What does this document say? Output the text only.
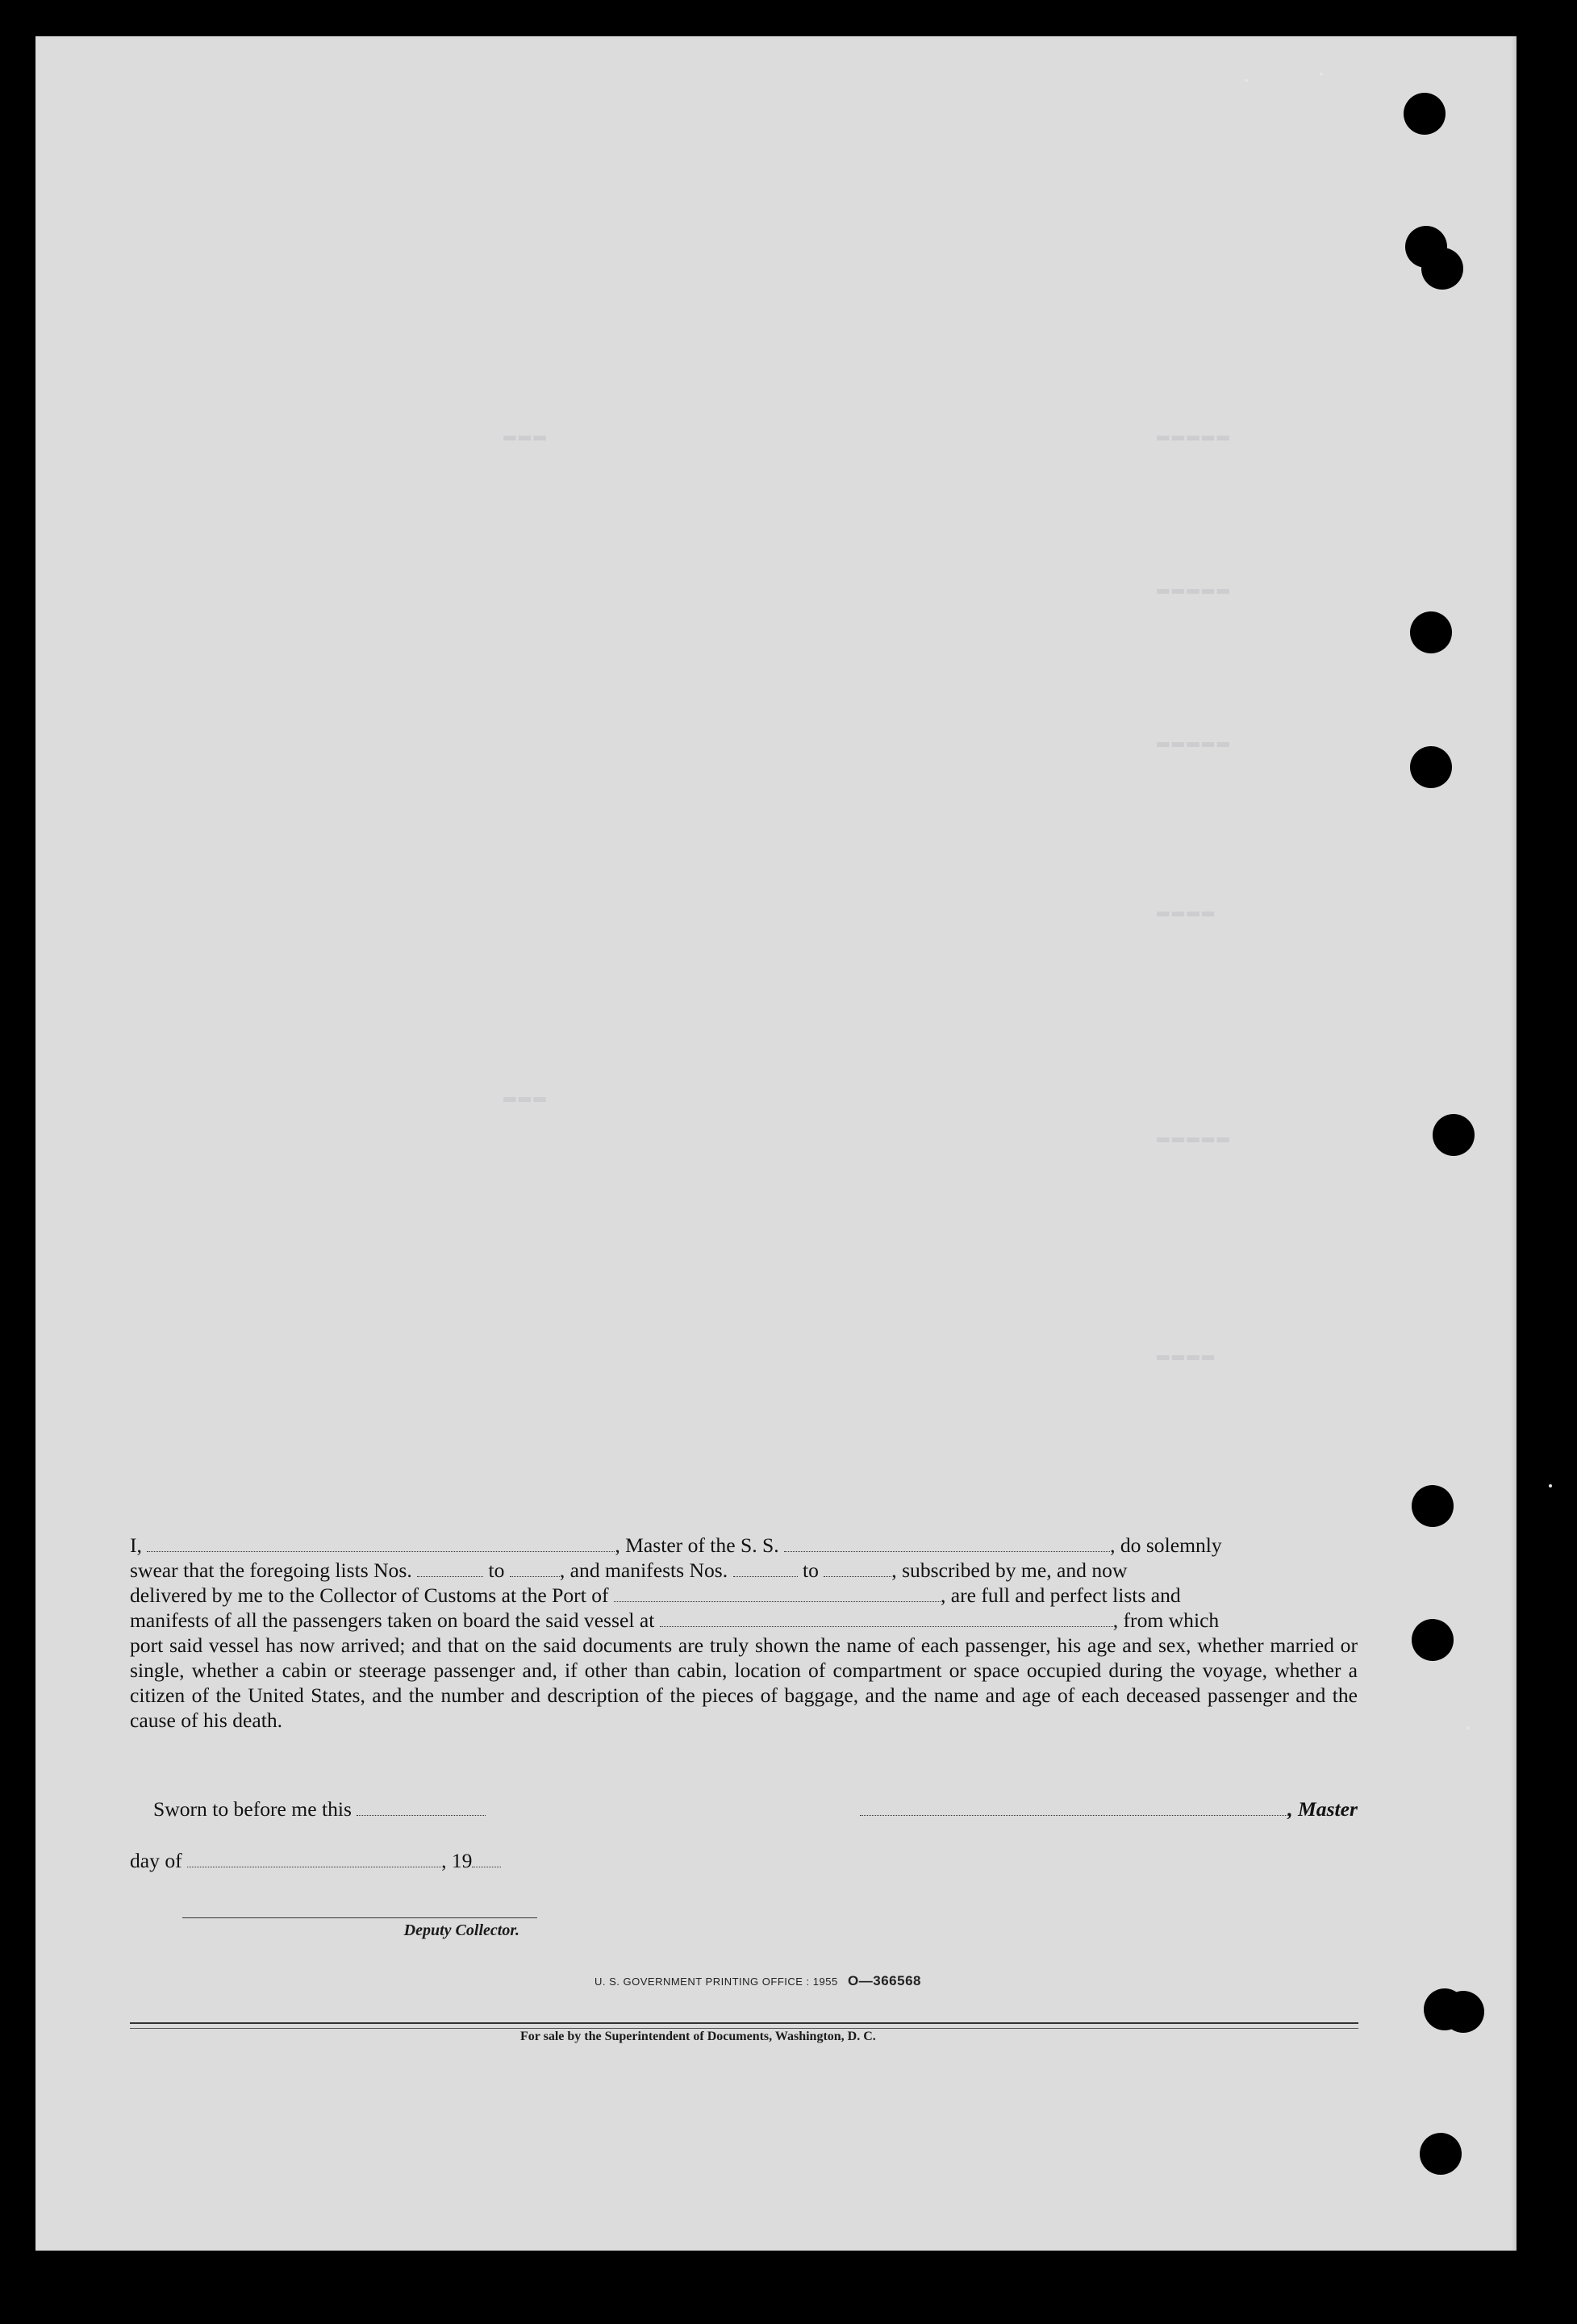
▬▬▬▬▬
▬▬▬▬▬
▬▬▬▬▬
▬▬▬▬
▬▬▬▬▬
▬▬▬▬
▬▬▬
▬▬▬

I,	, Master of the S. S.	, do solemnly

swear that the foregoing lists Nos.	to	, and manifests Nos.	to	, subscribed by me, and now

delivered by me to the Collector of Customs at the Port of	, are full and perfect lists and

manifests of all the passengers taken on board the said vessel at	, from which

port said vessel has now arrived; and that on the said documents are truly shown the name of each passenger, his age and sex, whether married or single, whether a cabin or steerage passenger and, if other than cabin, location of compartment or space occupied during the voyage, whether a citizen of the United States, and the number and description of the pieces of baggage, and the name and age of each deceased passenger and the cause of his death.

Sworn to before me this	, Master
day of	, 19
Deputy Collector.
U. S. GOVERNMENT PRINTING OFFICE : 1955 O—366568
For sale by the Superintendent of Documents, Washington, D. C.
